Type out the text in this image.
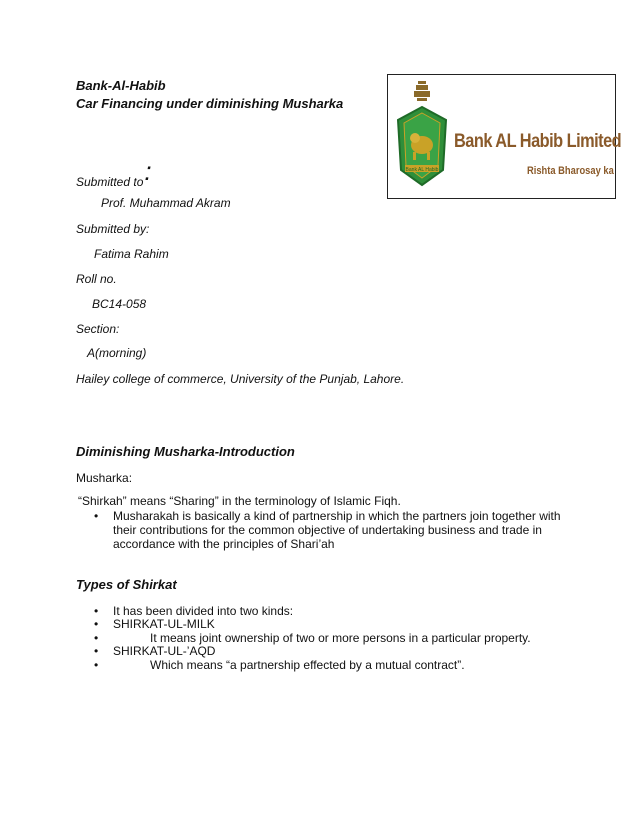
Bank-Al-Habib
Car Financing under diminishing Musharka
Bank AL Habib
Bank AL Habib Limited
Rishta Bharosay ka
Submitted to:
Prof. Muhammad Akram
Submitted by:
Fatima Rahim
Roll no.
BC14-058
Section:
A(morning)
Hailey college of commerce, University of the Punjab, Lahore.
Diminishing Musharka-Introduction
Musharka:
“Shirkah” means “Sharing” in the terminology of Islamic Fiqh.
• Musharakah is basically a kind of partnership in which the partners join together with
their contributions for the common objective of undertaking business and trade in
accordance with the principles of Shari’ah
Types of Shirkat
• It has been divided into two kinds:
• SHIRKAT-UL-MILK
•	It means joint ownership of two or more persons in a particular property.
• SHIRKAT-UL-’AQD
•	Which means “a partnership effected by a mutual contract”.
